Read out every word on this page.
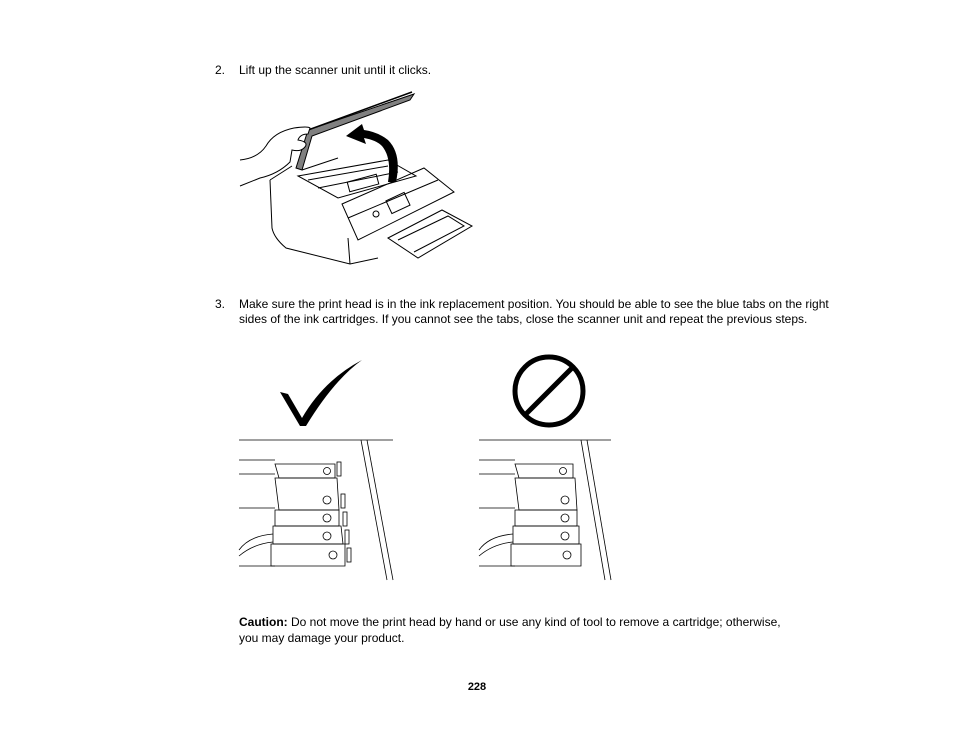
2. Lift up the scanner unit until it clicks.
3. Make sure the print head is in the ink replacement position. You should be able to see the blue tabs on the right sides of the ink cartridges. If you cannot see the tabs, close the scanner unit and repeat the previous steps.
Caution: Do not move the print head by hand or use any kind of tool to remove a cartridge; otherwise, you may damage your product.
228
